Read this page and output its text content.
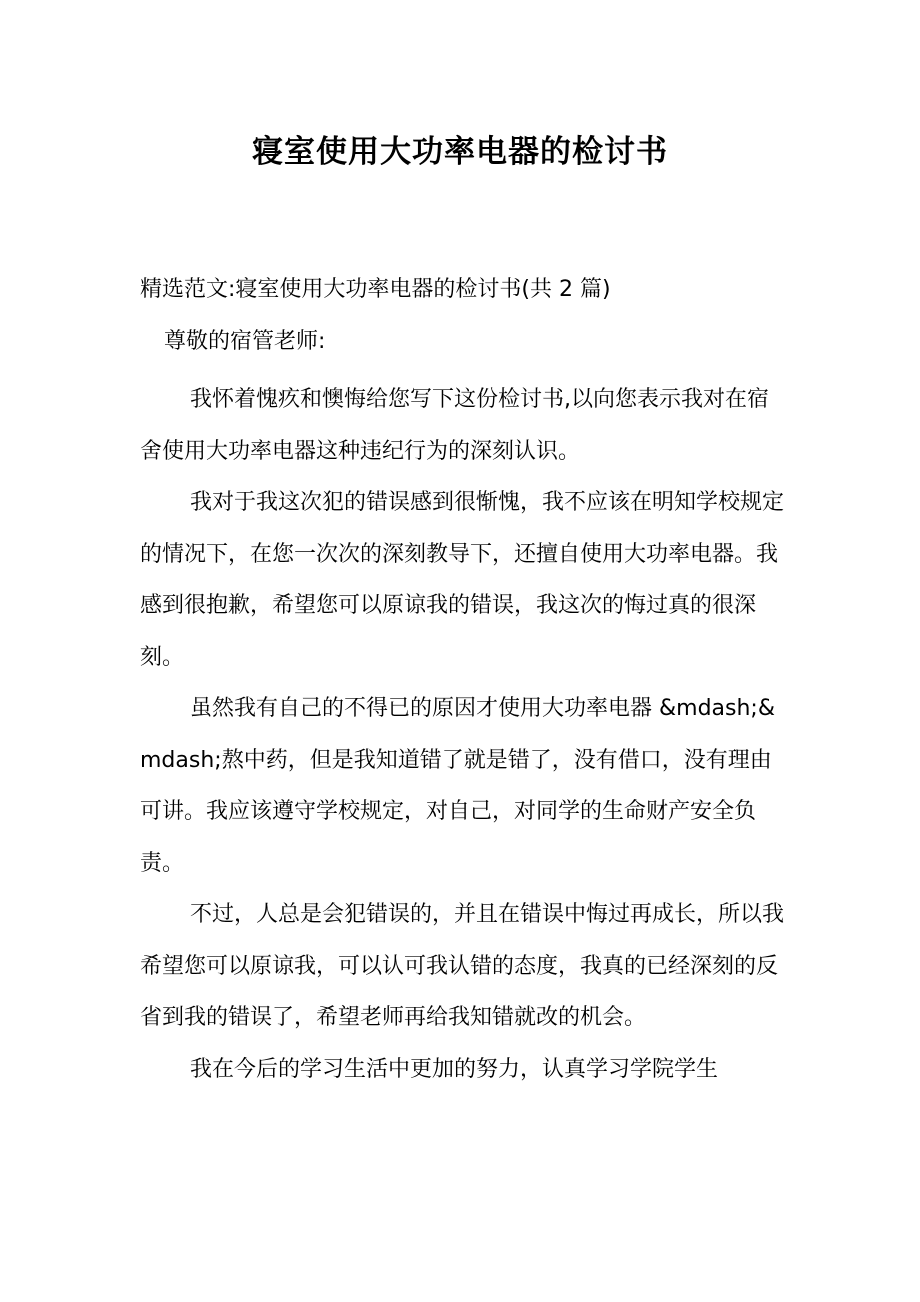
寝室使用大功率电器的检讨书
精选范文:寝室使用大功率电器的检讨书(共 2 篇)
尊敬的宿管老师:

我怀着愧疚和懊悔给您写下这份检讨书,以向您表示我对在宿舍使用大功率电器这种违纪行为的深刻认识。

我对于我这次犯的错误感到很惭愧，我不应该在明知学校规定的情况下，在您一次次的深刻教导下，还擅自使用大功率电器。我感到很抱歉，希望您可以原谅我的错误，我这次的悔过真的很深刻。

虽然我有自己的不得已的原因才使用大功率电器 &mdash;&mdash;熬中药，但是我知道错了就是错了，没有借口，没有理由可讲。我应该遵守学校规定，对自己，对同学的生命财产安全负责。

不过，人总是会犯错误的，并且在错误中悔过再成长，所以我希望您可以原谅我，可以认可我认错的态度，我真的已经深刻的反省到我的错误了，希望老师再给我知错就改的机会。

我在今后的学习生活中更加的努力，认真学习学院学生
